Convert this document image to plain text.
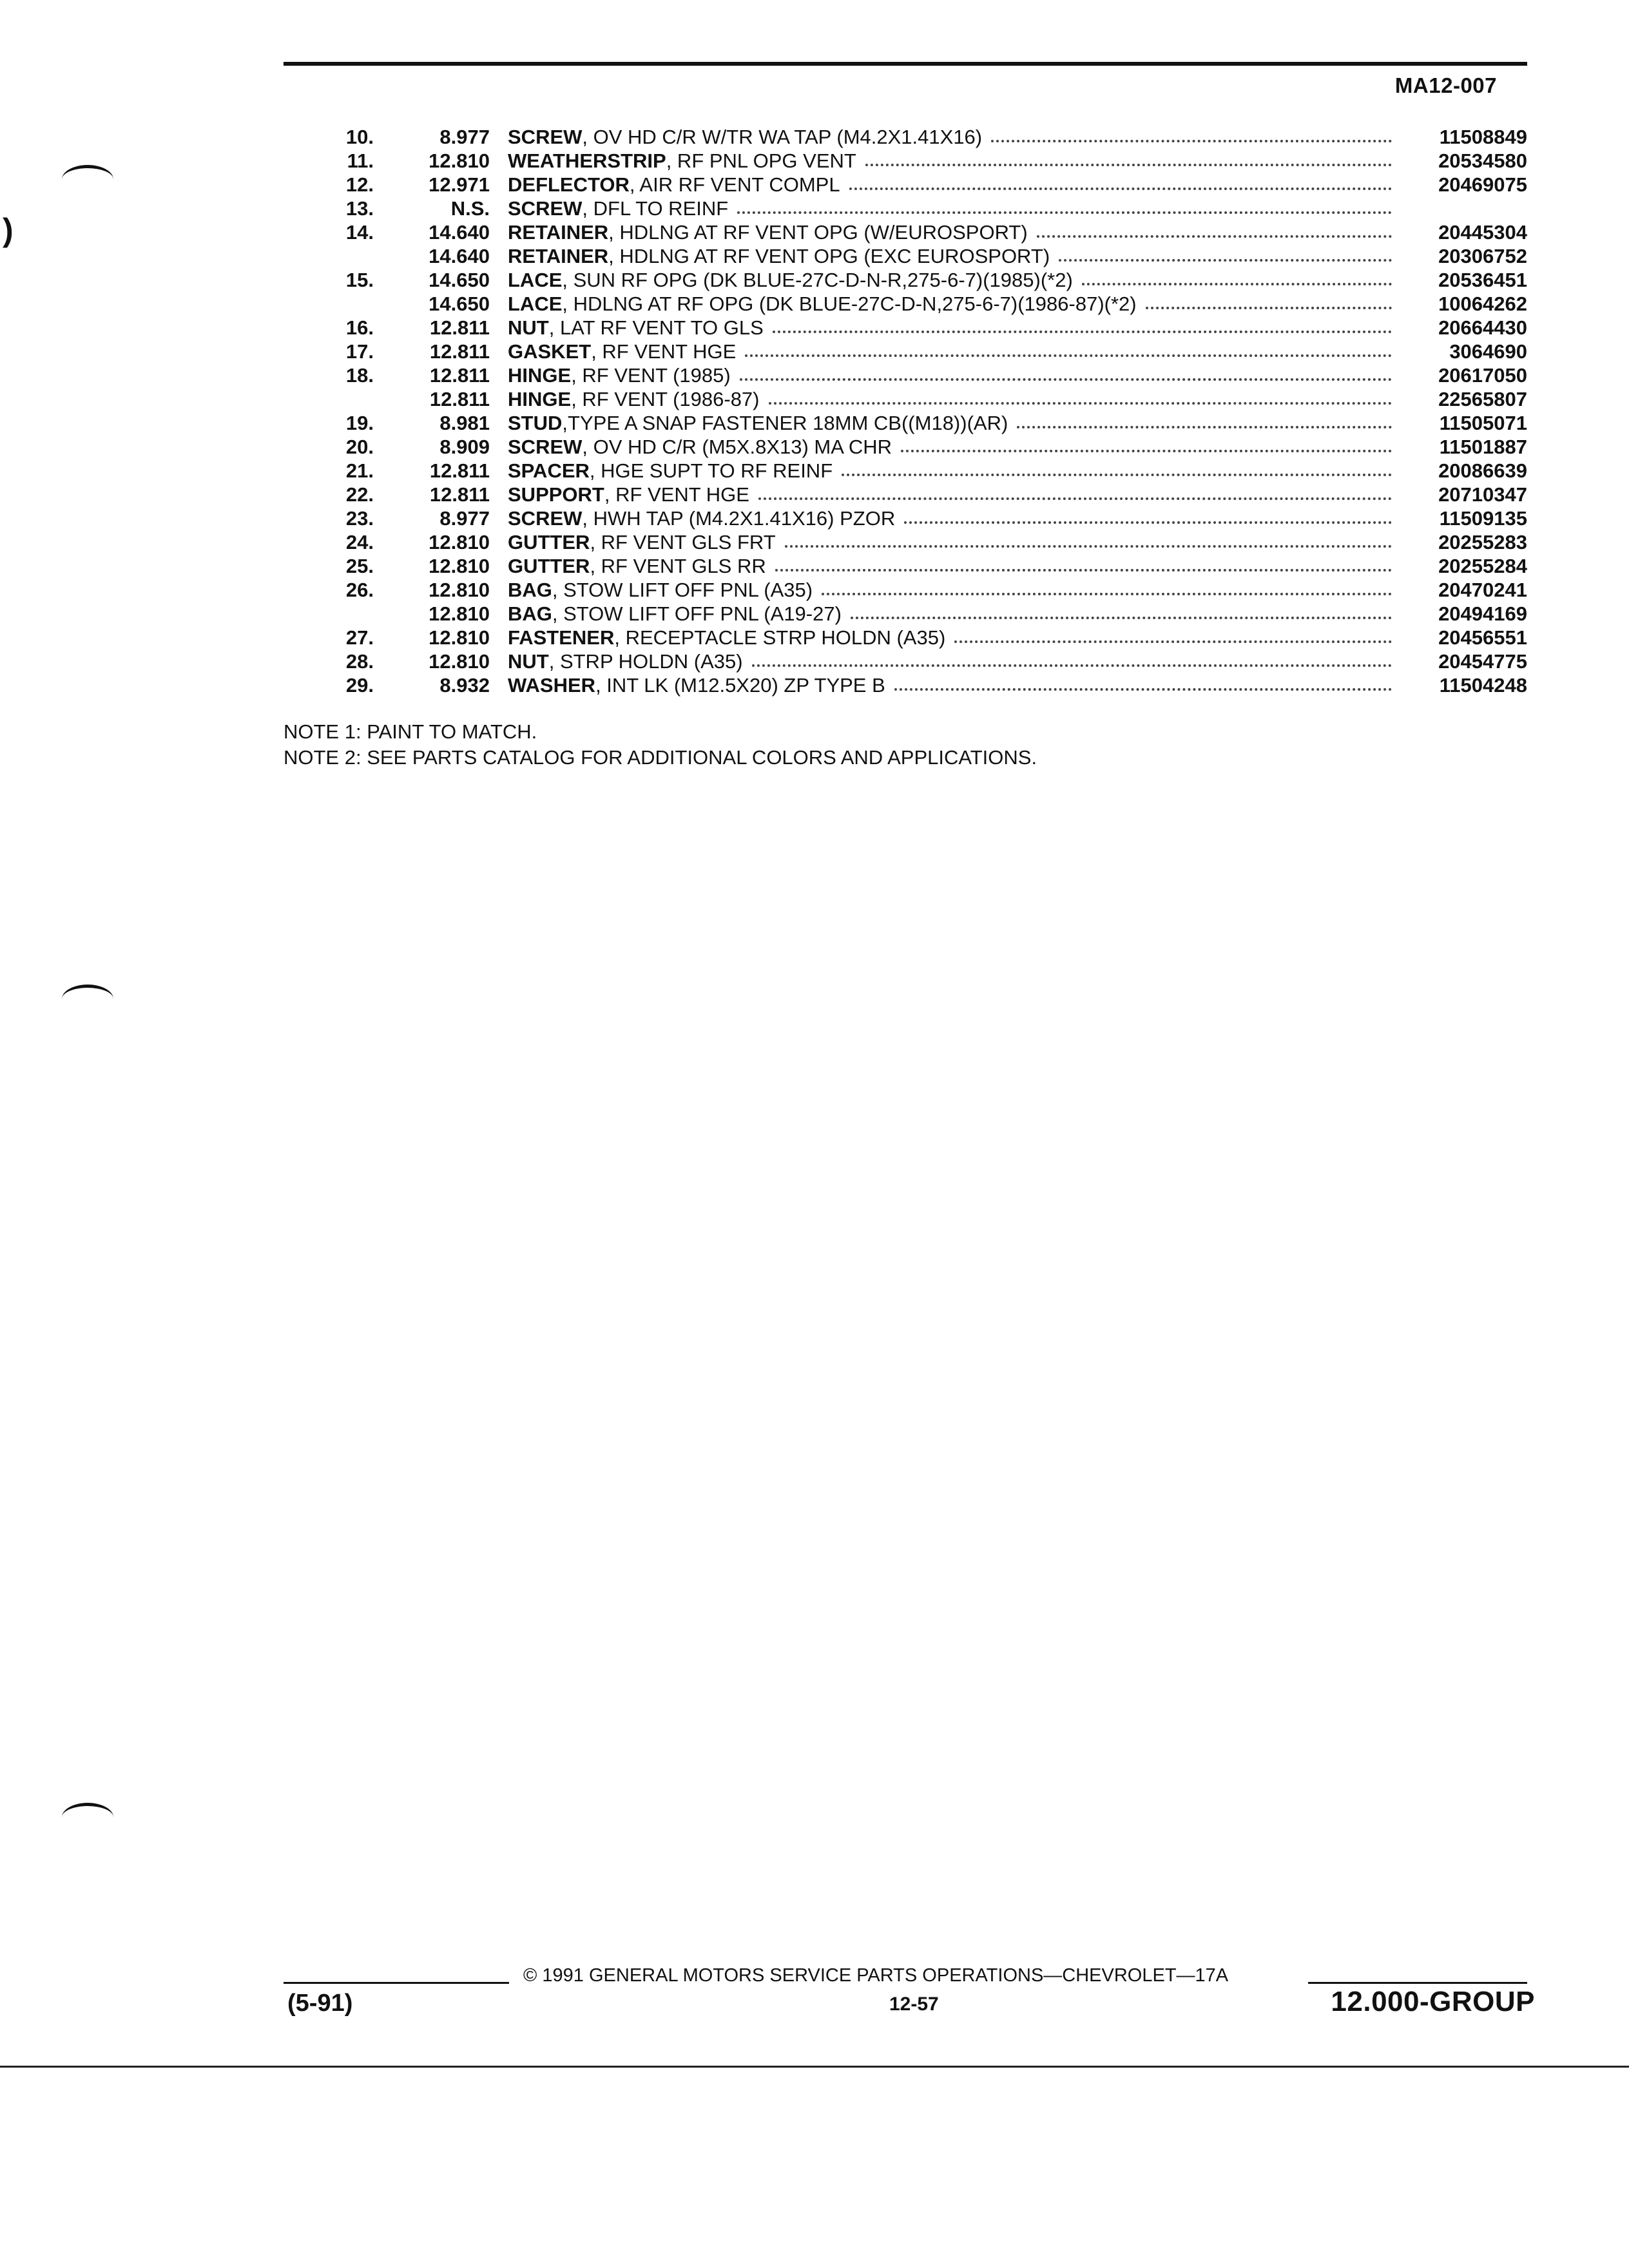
MA12-007
)
10.	8.977 SCREW , OV HD C/R W/TR WA TAP (M4.2X1.41X16)	11508849
11.	12.810 WEATHERSTRIP , RF PNL OPG VENT	20534580
12.	12.971 DEFLECTOR , AIR RF VENT COMPL	20469075
13.	N.S. SCREW , DFL TO REINF
14.	14.640 RETAINER , HDLNG AT RF VENT OPG (W/EUROSPORT)	20445304
14.640 RETAINER , HDLNG AT RF VENT OPG (EXC EUROSPORT)	20306752
15.	14.650 LACE , SUN RF OPG (DK BLUE-27C-D-N-R,275-6-7)(1985)(*2)	20536451
14.650 LACE , HDLNG AT RF OPG (DK BLUE-27C-D-N,275-6-7)(1986-87)(*2)	10064262
16.	12.811 NUT , LAT RF VENT TO GLS	20664430
17.	12.811 GASKET , RF VENT HGE	3064690
18.	12.811 HINGE , RF VENT (1985)	20617050
12.811 HINGE , RF VENT (1986-87)	22565807
19.	8.981 STUD ,TYPE A SNAP FASTENER 18MM CB((M18))(AR)	11505071
20.	8.909 SCREW , OV HD C/R (M5X.8X13) MA CHR	11501887
21.	12.811 SPACER , HGE SUPT TO RF REINF	20086639
22.	12.811 SUPPORT , RF VENT HGE	20710347
23.	8.977 SCREW , HWH TAP (M4.2X1.41X16) PZOR	11509135
24.	12.810 GUTTER , RF VENT GLS FRT	20255283
25.	12.810 GUTTER , RF VENT GLS RR	20255284
26.	12.810 BAG , STOW LIFT OFF PNL (A35)	20470241
12.810 BAG , STOW LIFT OFF PNL (A19-27)	20494169
27.	12.810 FASTENER , RECEPTACLE STRP HOLDN (A35)	20456551
28.	12.810 NUT , STRP HOLDN (A35)	20454775
29.	8.932 WASHER , INT LK (M12.5X20) ZP TYPE B	11504248
NOTE 1: PAINT TO MATCH.
NOTE 2: SEE PARTS CATALOG FOR ADDITIONAL COLORS AND APPLICATIONS.
© 1991 GENERAL MOTORS SERVICE PARTS OPERATIONS—CHEVROLET—17A
(5-91)	12-57	12.000-GROUP
